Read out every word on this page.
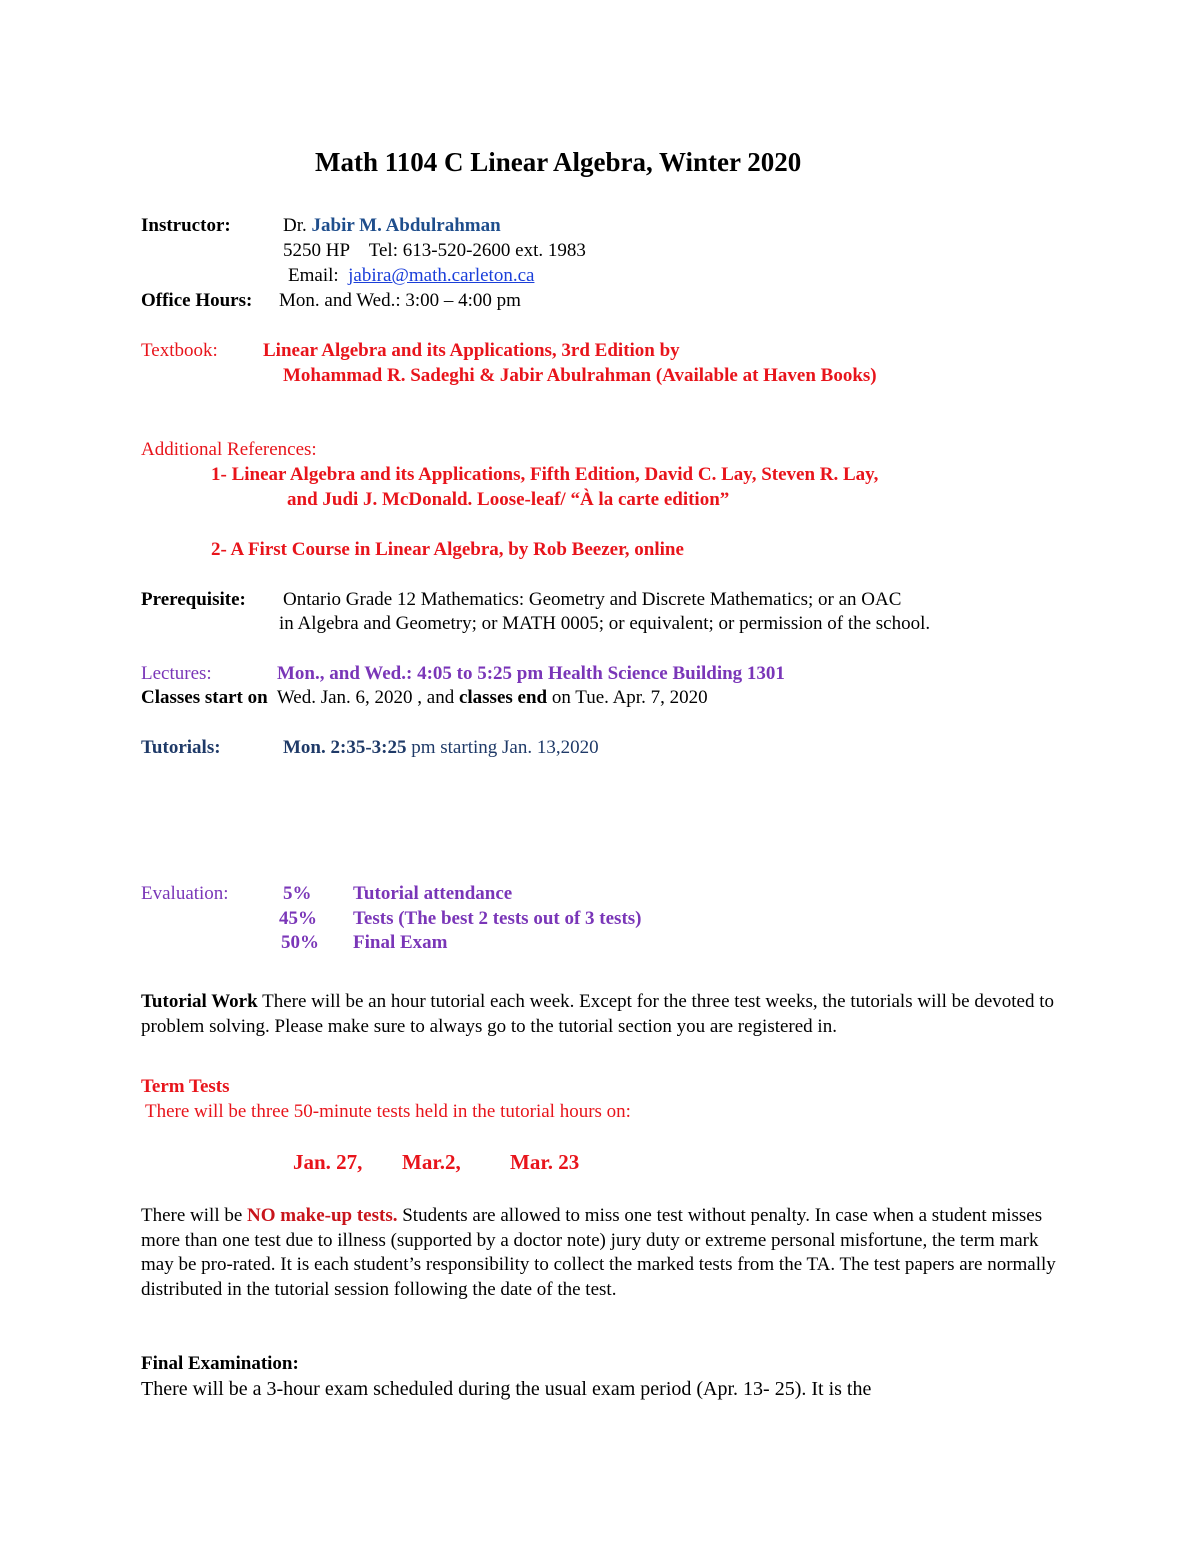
Math 1104 C Linear Algebra, Winter 2020
Instructor:	Dr. Jabir M. Abdulrahman
5250 HP Tel: 613-520-2600 ext. 1983
Email: jabira@math.carleton.ca
Office Hours: Mon. and Wed.: 3:00 – 4:00 pm
Textbook: Linear Algebra and its Applications, 3rd Edition by
Mohammad R. Sadeghi & Jabir Abulrahman (Available at Haven Books)
Additional References:
1- Linear Algebra and its Applications, Fifth Edition, David C. Lay, Steven R. Lay,
and Judi J. McDonald. Loose-leaf/ “À la carte edition”
2- A First Course in Linear Algebra, by Rob Beezer, online
Prerequisite: Ontario Grade 12 Mathematics: Geometry and Discrete Mathematics; or an OAC
in Algebra and Geometry; or MATH 0005; or equivalent; or permission of the school.
Lectures:	Mon., and Wed.: 4:05 to 5:25 pm Health Science Building 1301
Classes start on Wed. Jan. 6, 2020 , and classes end on Tue. Apr. 7, 2020
Tutorials:	Mon. 2:35-3:25 pm starting Jan. 13,2020
Evaluation:	5% Tutorial attendance
45% Tests (The best 2 tests out of 3 tests)
50% Final Exam
Tutorial Work There will be an hour tutorial each week. Except for the three test weeks, the tutorials will be devoted to problem solving. Please make sure to always go to the tutorial section you are registered in.
Term Tests
There will be three 50-minute tests held in the tutorial hours on:
Jan. 27, Mar.2, Mar. 23
There will be NO make-up tests. Students are allowed to miss one test without penalty. In case when a student misses more than one test due to illness (supported by a doctor note) jury duty or extreme personal misfortune, the term mark may be pro-rated. It is each student’s responsibility to collect the marked tests from the TA. The test papers are normally distributed in the tutorial session following the date of the test.
Final Examination:
There will be a 3-hour exam scheduled during the usual exam period (Apr. 13- 25). It is the
